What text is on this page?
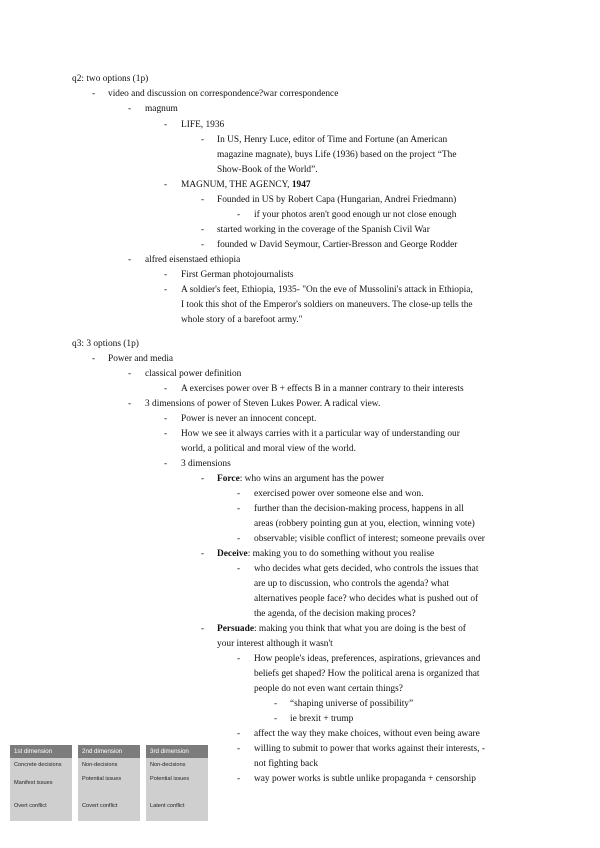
q2: two options (1p)
- video and discussion on correspondence?war correspondence
- magnum
- LIFE, 1936
- In US, Henry Luce, editor of Time and Fortune (an American
magazine magnate), buys Life (1936) based on the project “The
Show-Book of the World”.
- MAGNUM, THE AGENCY, 1947
- Founded in US by Robert Capa (Hungarian, Andrei Friedmann)
- if your photos aren't good enough ur not close enough
- started working in the coverage of the Spanish Civil War
- founded w David Seymour, Cartier-Bresson and George Rodder
- alfred eisenstaed ethiopia
- First German photojournalists
- A soldier's feet, Ethiopia, 1935- "On the eve of Mussolini's attack in Ethiopia,
I took this shot of the Emperor's soldiers on maneuvers. The close-up tells the
whole story of a barefoot army."
q3: 3 options (1p)
- Power and media
- classical power definition
- A exercises power over B + effects B in a manner contrary to their interests
- 3 dimensions of power of Steven Lukes Power. A radical view.
- Power is never an innocent concept.
- How we see it always carries with it a particular way of understanding our
world, a political and moral view of the world.
- 3 dimensions
- Force: who wins an argument has the power
- exercised power over someone else and won.
- further than the decision-making process, happens in all
areas (robbery pointing gun at you, election, winning vote)
- observable; visible conflict of interest; someone prevails over
- Deceive: making you to do something without you realise
- who decides what gets decided, who controls the issues that
are up to discussion, who controls the agenda? what
alternatives people face? who decides what is pushed out of
the agenda, of the decision making proces?
- Persuade: making you think that what you are doing is the best of
your interest although it wasn't
- How people's ideas, preferences, aspirations, grievances and
beliefs get shaped? How the political arena is organized that
people do not even want certain things?
- “shaping universe of possibility”
- ie brexit + trump
- affect the way they make choices, without even being aware
- willing to submit to power that works against their interests, -
not fighting back
- way power works is subtle unlike propaganda + censorship
1st dimension
Concrete decisions
Manifest issues
Overt conflict
2nd dimension
Non-decisions
Potential issues
Covert conflict
3rd dimension
Non-decisions
Potential issues
Latent conflict
